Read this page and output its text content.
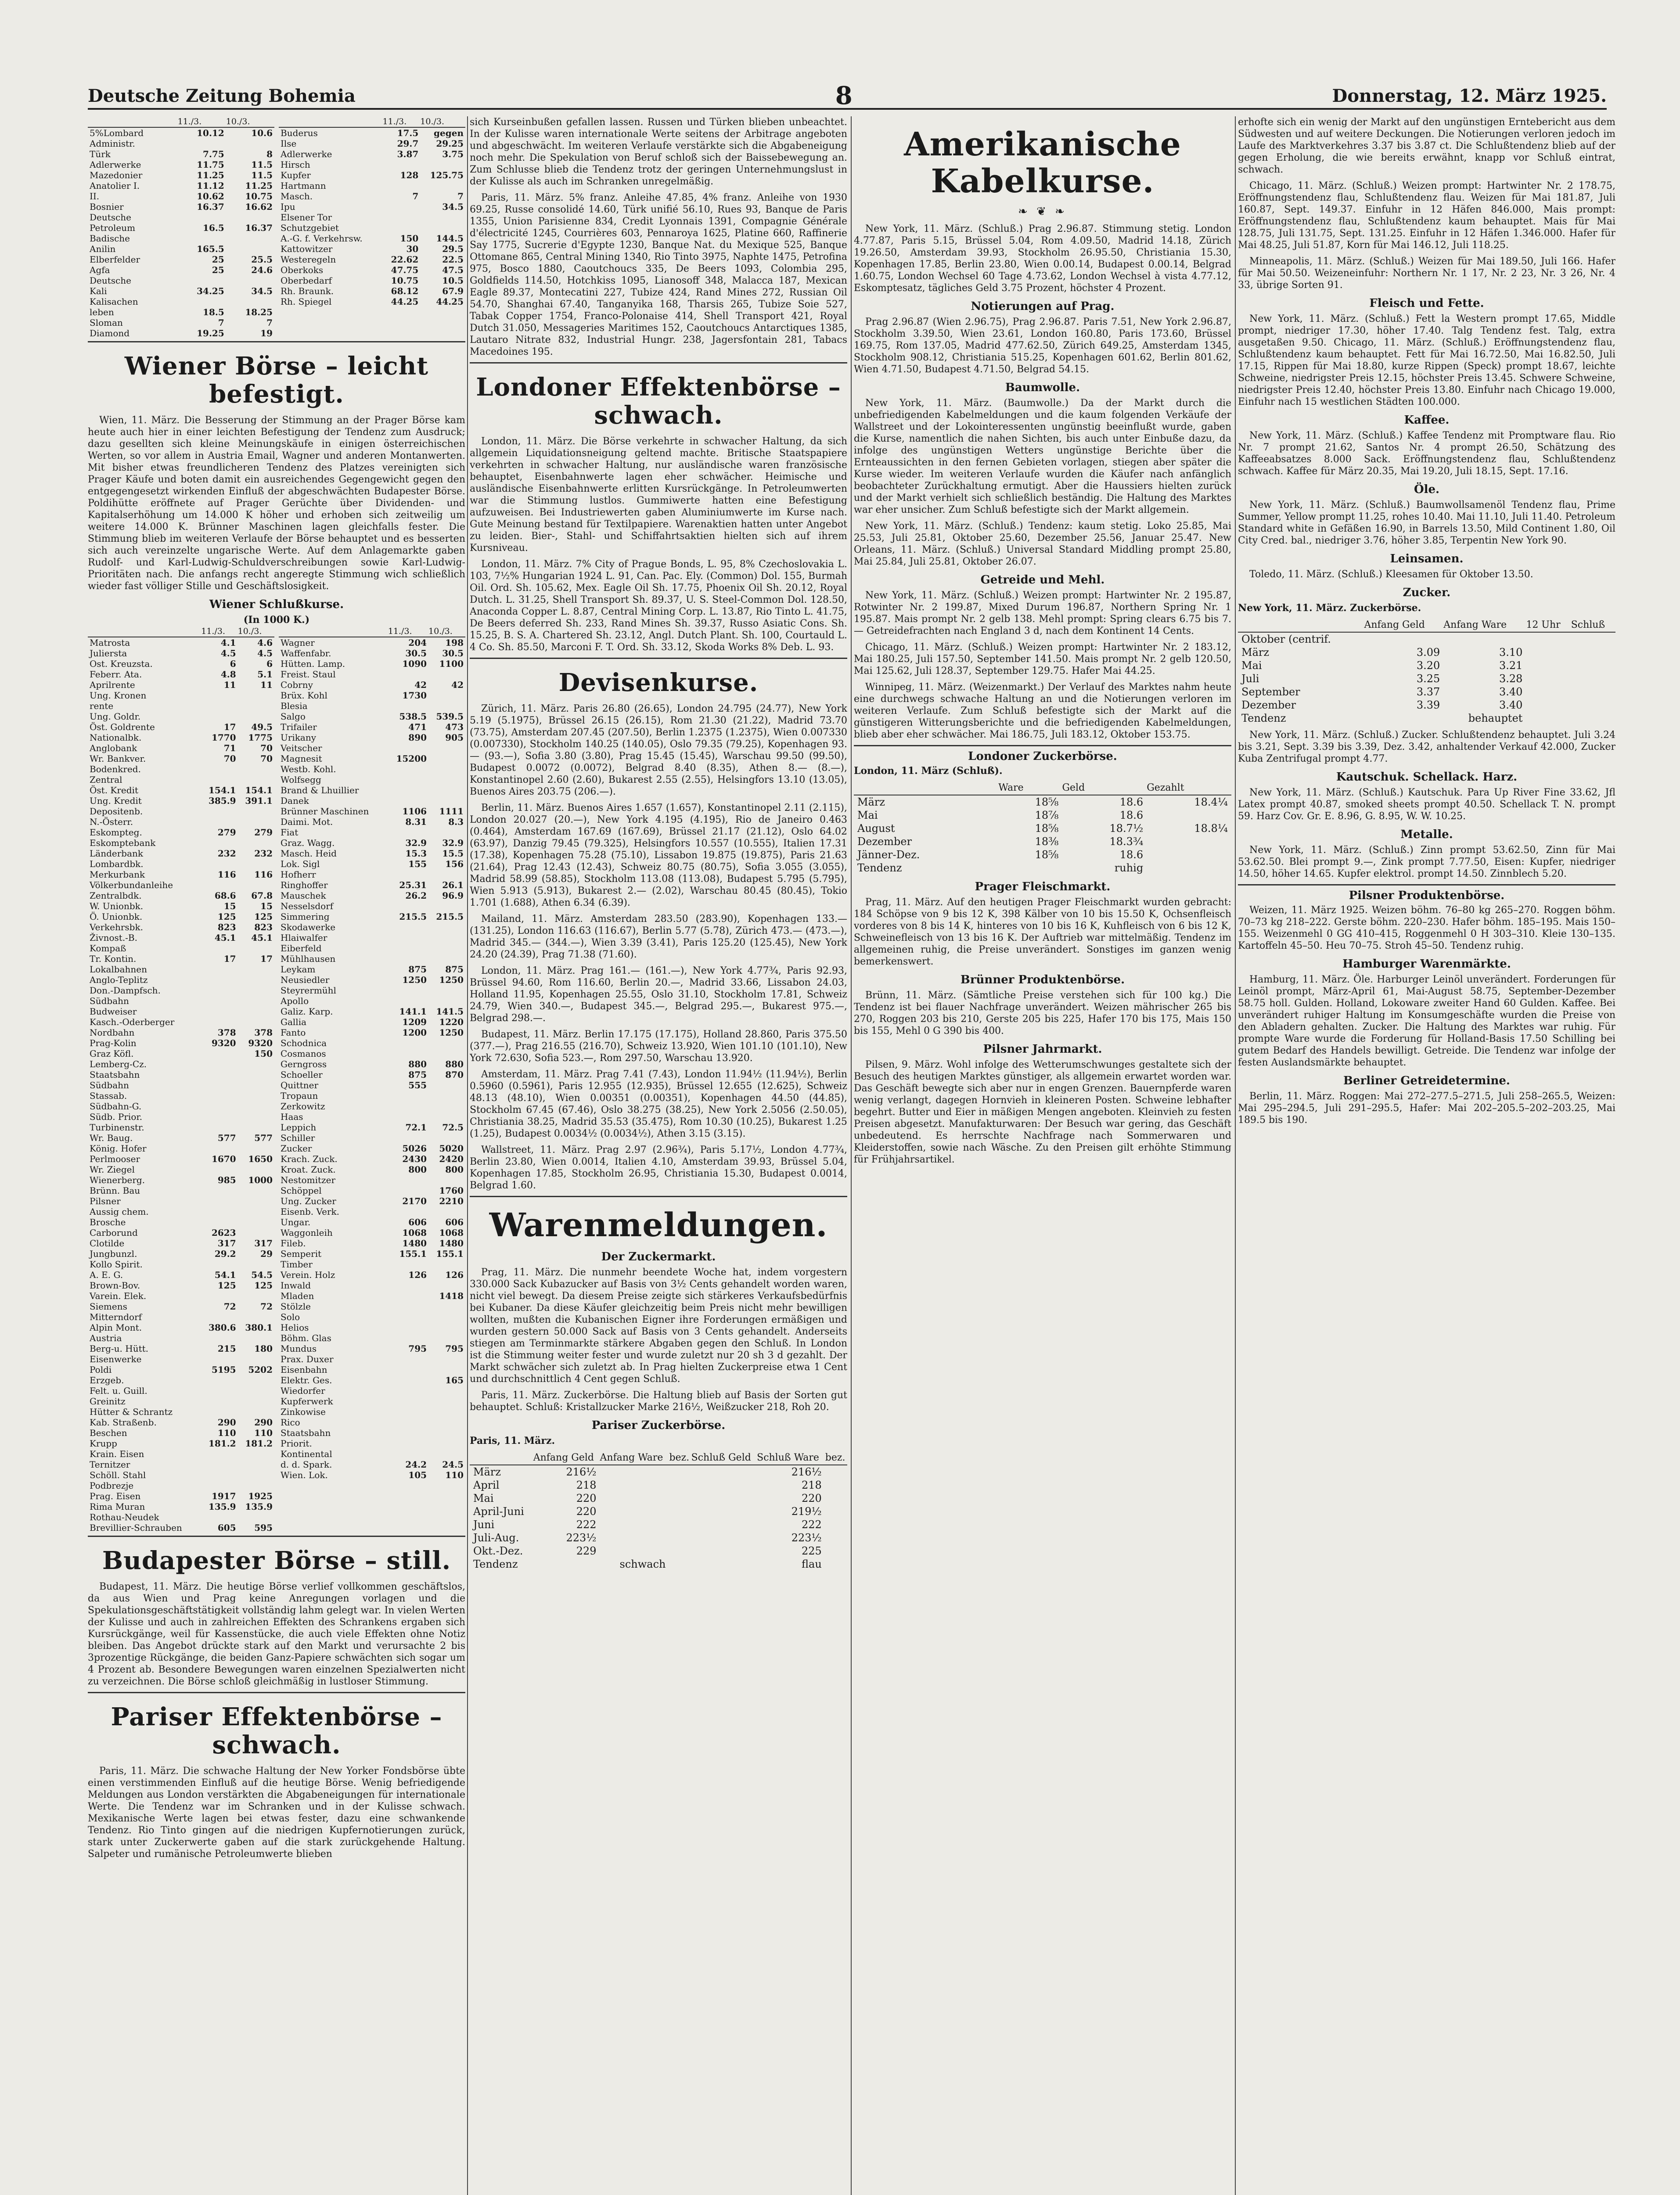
Deutsche Zeitung Bohemia	8	Donnerstag, 12. März 1925.
	11./3.	10./3.
5%Lombard	10.12	10.6
Administr.		
Türk	7.75	8
Adlerwerke	11.75	11.5
Mazedonier	11.25	11.5
Anatolier I.	11.12	11.25
II.	10.62	10.75
Bosnier	16.37	16.62
Deutsche		
Petroleum	16.5	16.37
Badische		
Anilin	165.5	
Elberfelder	25	25.5
Agfa	25	24.6
Deutsche		
Kali	34.25	34.5
Kalisachen		
leben	18.5	18.25
Sloman	7	7
Diamond	19.25	19
	11./3.	10./3.
Buderus	17.5	gegen
Ilse	29.7	29.25
Adlerwerke	3.87	3.75
Hirsch		
Kupfer	128	125.75
Hartmann		
Masch.	7	7
Ipu		34.5
Elsener Tor		
Schutzgebiet		
A.-G. f. Verkehrsw.	150	144.5
Kattowitzer	30	29.5
Westeregeln	22.62	22.5
Oberkoks	47.75	47.5
Oberbedarf	10.75	10.5
Rh. Braunk.	68.12	67.9
Rh. Spiegel	44.25	44.25
Wiener Börse – leicht befestigt.

Wien, 11. März. Die Besserung der Stimmung an der Prager Börse kam heute auch hier in einer leichten Befestigung der Tendenz zum Ausdruck; dazu gesellten sich kleine Meinungskäufe in einigen österreichischen Werten, so vor allem in Austria Email, Wagner und anderen Montanwerten. Mit bisher etwas freundlicheren Tendenz des Platzes vereinigten sich Prager Käufe und boten damit ein ausreichendes Gegengewicht gegen den entgegengesetzt wirkenden Einfluß der abgeschwächten Budapester Börse. Poldihütte eröffnete auf Prager Gerüchte über Dividenden- und Kapitalserhöhung um 14.000 K höher und erhoben sich zeitweilig um weitere 14.000 K. Brünner Maschinen lagen gleichfalls fester. Die Stimmung blieb im weiteren Verlaufe der Börse behauptet und es besserten sich auch vereinzelte ungarische Werte. Auf dem Anlagemarkte gaben Rudolf- und Karl-Ludwig-Schuldverschreibungen sowie Karl-Ludwig-Prioritäten nach. Die anfangs recht angeregte Stimmung wich schließlich wieder fast völliger Stille und Geschäftslosigkeit.

Wiener Schlußkurse.
(In 1000 K.)
	11./3.	10./3.
Matrosta	4.1	4.6
Juliersta	4.5	4.5
Ost. Kreuzsta.	6	6
Feberr. Ata.	4.8	5.1
Aprilrente	11	11
Ung. Kronen		
rente		
Ung. Goldr.		
Öst. Goldrente	17	49.5
Nationalbk.	1770	1775
Anglobank	71	70
Wr. Bankver.	70	70
Bodenkred.		
Zentral		
Öst. Kredit	154.1	154.1
Ung. Kredit	385.9	391.1
Depositenb.		
N.-Österr.		
Eskompteg.	279	279
Eskomptebank		
Länderbank	232	232
Lombardbk.		
Merkurbank	116	116
Völkerbundanleihe		
Zentralbdk.	68.6	67.8
W. Unionbk.	15	15
Ö. Unionbk.	125	125
Verkehrsbk.	823	823
Živnost.-B.	45.1	45.1
Kompaß		
Tr. Kontin.	17	17
Lokalbahnen		
Anglo-Teplitz		
Don.-Dampfsch.		
Südbahn		
Budweiser		
Kasch.-Oderberger		
Nordbahn	378	378
Prag-Kolin	9320	9320
Graz Köfl.		150
Lemberg-Cz.		
Staatsbahn		
Südbahn		
Stassab.		
Südbahn-G.		
Südb. Prior.		
Turbinenstr.		
Wr. Baug.	577	577
König. Hofer		
Perlmooser	1670	1650
Wr. Ziegel		
Wienerberg.	985	1000
Brünn. Bau		
Pilsner		
Aussig chem.		
Brosche		
Carborund	2623	
Clotilde	317	317
Jungbunzl.	29.2	29
Kollo Spirit.		
A. E. G.	54.1	54.5
Brown-Bov.	125	125
Varein. Elek.		
Siemens	72	72
Mitterndorf		
Alpin Mont.	380.6	380.1
Austria		
Berg-u. Hütt.	215	180
Eisenwerke		
Poldi	5195	5202
Erzgeb.		
Felt. u. Guill.		
Greinitz		
Hütter & Schrantz		
Kab. Straßenb.	290	290
Beschen	110	110
Krupp	181.2	181.2
Krain. Eisen		
Ternitzer		
Schöll. Stahl		
Podbrezje		
Prag. Eisen	1917	1925
Rima Muran	135.9	135.9
Rothau-Neudek		
Brevillier-Schrauben	605	595
	11./3.	10./3.
Wagner	204	198
Waffenfabr.	30.5	30.5
Hütten. Lamp.	1090	1100
Freist. Staul		
Cobrny	42	42
Brüx. Kohl	1730	
Blesia		
Salgo	538.5	539.5
Trifailer	471	473
Urikany	890	905
Veitscher		
Magnesit	15200	
Westb. Kohl.		
Wolfsegg		
Brand & Lhuillier		
Danek		
Brünner Maschinen	1106	1111
Daimi. Mot.	8.31	8.3
Fiat		
Graz. Wagg.	32.9	32.9
Masch. Heid	15.3	15.5
Lok. Sigl	155	156
Hofherr		
Ringhoffer	25.31	26.1
Mauschek	26.2	96.9
Nesselsdorf		
Simmering	215.5	215.5
Skodawerke		
Hlaiwalfer		
Eiberfeld		
Mühlhausen		
Leykam	875	875
Neusiedler	1250	1250
Steyrermühl		
Apollo		
Galiz. Karp.	141.1	141.5
Gallia	1209	1220
Fanto	1200	1250
Schodnica		
Cosmanos		
Gerngross	880	880
Schoeller	875	870
Quittner	555	
Tropaun		
Zerkowitz		
Haas		
Leppich	72.1	72.5
Schiller		
Zucker	5026	5020
Krach. Zuck.	2430	2420
Kroat. Zuck.	800	800
Nestomitzer		
Schöppel		1760
Ung. Zucker	2170	2210
Eisenb. Verk.		
Ungar.	606	606
Waggonleih	1068	1068
Fileb.	1480	1480
Semperit	155.1	155.1
Timber		
Verein. Holz	126	126
Inwald		
Mladen		1418
Stölzle		
Solo		
Helios		
Böhm. Glas		
Mundus	795	795
Prax. Duxer		
Eisenbahn		
Elektr. Ges.		165
Wiedorfer		
Kupferwerk		
Zinkowise		
Rico		
Staatsbahn		
Priorit.		
Kontinental		
d. d. Spark.	24.2	24.5
Wien. Lok.	105	110
Budapester Börse – still.

Budapest, 11. März. Die heutige Börse verlief vollkommen geschäftslos, da aus Wien und Prag keine Anregungen vorlagen und die Spekulationsgeschäftstätigkeit vollständig lahm gelegt war. In vielen Werten der Kulisse und auch in zahlreichen Effekten des Schrankens ergaben sich Kursrückgänge, weil für Kassenstücke, die auch viele Effekten ohne Notiz bleiben. Das Angebot drückte stark auf den Markt und verursachte 2 bis 3prozentige Rückgänge, die beiden Ganz-Papiere schwächten sich sogar um 4 Prozent ab. Besondere Bewegungen waren einzelnen Spezialwerten nicht zu verzeichnen. Die Börse schloß gleichmäßig in lustloser Stimmung.

Pariser Effektenbörse – schwach.

Paris, 11. März. Die schwache Haltung der New Yorker Fondsbörse übte einen verstimmenden Einfluß auf die heutige Börse. Wenig befriedigende Meldungen aus London verstärkten die Abgabeneigungen für internationale Werte. Die Tendenz war im Schranken und in der Kulisse schwach. Mexikanische Werte lagen bei etwas fester, dazu eine schwankende Tendenz. Rio Tinto gingen auf die niedrigen Kupfernotierungen zurück, stark unter Zuckerwerte gaben auf die stark zurückgehende Haltung. Salpeter und rumänische Petroleumwerte blieben

sich Kurseinbußen gefallen lassen. Russen und Türken blieben unbeachtet. In der Kulisse waren internationale Werte seitens der Arbitrage angeboten und abgeschwächt. Im weiteren Verlaufe verstärkte sich die Abgabeneigung noch mehr. Die Spekulation von Beruf schloß sich der Baissebewegung an. Zum Schlusse blieb die Tendenz trotz der geringen Unternehmungslust in der Kulisse als auch im Schranken unregelmäßig.

Paris, 11. März. 5% franz. Anleihe 47.85, 4% franz. Anleihe von 1930 69.25, Russe consolidé 14.60, Türk unifié 56.10, Rues 93, Banque de Paris 1355, Union Parisienne 834, Credit Lyonnais 1391, Compagnie Générale d'électricité 1245, Courrières 603, Pennaroya 1625, Platine 660, Raffinerie Say 1775, Sucrerie d'Egypte 1230, Banque Nat. du Mexique 525, Banque Ottomane 865, Central Mining 1340, Rio Tinto 3975, Naphte 1475, Petrofina 975, Bosco 1880, Caoutchoucs 335, De Beers 1093, Colombia 295, Goldfields 114.50, Hotchkiss 1095, Lianosoff 348, Malacca 187, Mexican Eagle 89.37, Montecatini 227, Tubize 424, Rand Mines 272, Russian Oil 54.70, Shanghai 67.40, Tanganyika 168, Tharsis 265, Tubize Soie 527, Tabak Copper 1754, Franco-Polonaise 414, Shell Transport 421, Royal Dutch 31.050, Messageries Maritimes 152, Caoutchoucs Antarctiques 1385, Lautaro Nitrate 832, Industrial Hungr. 238, Jagersfontain 281, Tabacs Macedoines 195.

Londoner Effektenbörse – schwach.

London, 11. März. Die Börse verkehrte in schwacher Haltung, da sich allgemein Liquidationsneigung geltend machte. Britische Staatspapiere verkehrten in schwacher Haltung, nur ausländische waren französische behauptet, Eisenbahnwerte lagen eher schwächer. Heimische und ausländische Eisenbahnwerte erlitten Kursrückgänge. In Petroleumwerten war die Stimmung lustlos. Gummiwerte hatten eine Befestigung aufzuweisen. Bei Industriewerten gaben Aluminiumwerte im Kurse nach. Gute Meinung bestand für Textilpapiere. Warenaktien hatten unter Angebot zu leiden. Bier-, Stahl- und Schiffahrtsaktien hielten sich auf ihrem Kursniveau.

London, 11. März. 7% City of Prague Bonds, L. 95, 8% Czechoslovakia L. 103, 7½% Hungarian 1924 L. 91, Can. Pac. Ely. (Common) Dol. 155, Burmah Oil. Ord. Sh. 105.62, Mex. Eagle Oil Sh. 17.75, Phoenix Oil Sh. 20.12, Royal Dutch. L. 31.25, Shell Transport Sh. 89.37, U. S. Steel-Common Dol. 128.50, Anaconda Copper L. 8.87, Central Mining Corp. L. 13.87, Rio Tinto L. 41.75, De Beers deferred Sh. 233, Rand Mines Sh. 39.37, Russo Asiatic Cons. Sh. 15.25, B. S. A. Chartered Sh. 23.12, Angl. Dutch Plant. Sh. 100, Courtauld L. 4 Co. Sh. 85.50, Marconi F. T. Ord. Sh. 33.12, Skoda Works 8% Deb. L. 93.

Devisenkurse.

Zürich, 11. März. Paris 26.80 (26.65), London 24.795 (24.77), New York 5.19 (5.1975), Brüssel 26.15 (26.15), Rom 21.30 (21.22), Madrid 73.70 (73.75), Amsterdam 207.45 (207.50), Berlin 1.2375 (1.2375), Wien 0.007330 (0.007330), Stockholm 140.25 (140.05), Oslo 79.35 (79.25), Kopenhagen 93.— (93.—), Sofia 3.80 (3.80), Prag 15.45 (15.45), Warschau 99.50 (99.50), Budapest 0.0072 (0.0072), Belgrad 8.40 (8.35), Athen 8.— (8.—), Konstantinopel 2.60 (2.60), Bukarest 2.55 (2.55), Helsingfors 13.10 (13.05), Buenos Aires 203.75 (206.—).

Berlin, 11. März. Buenos Aires 1.657 (1.657), Konstantinopel 2.11 (2.115), London 20.027 (20.—), New York 4.195 (4.195), Rio de Janeiro 0.463 (0.464), Amsterdam 167.69 (167.69), Brüssel 21.17 (21.12), Oslo 64.02 (63.97), Danzig 79.45 (79.325), Helsingfors 10.557 (10.555), Italien 17.31 (17.38), Kopenhagen 75.28 (75.10), Lissabon 19.875 (19.875), Paris 21.63 (21.64), Prag 12.43 (12.43), Schweiz 80.75 (80.75), Sofia 3.055 (3.055), Madrid 58.99 (58.85), Stockholm 113.08 (113.08), Budapest 5.795 (5.795), Wien 5.913 (5.913), Bukarest 2.— (2.02), Warschau 80.45 (80.45), Tokio 1.701 (1.688), Athen 6.34 (6.39).

Mailand, 11. März. Amsterdam 283.50 (283.90), Kopenhagen 133.— (131.25), London 116.63 (116.67), Berlin 5.77 (5.78), Zürich 473.— (473.—), Madrid 345.— (344.—), Wien 3.39 (3.41), Paris 125.20 (125.45), New York 24.20 (24.39), Prag 71.38 (71.60).

London, 11. März. Prag 161.— (161.—), New York 4.77¾, Paris 92.93, Brüssel 94.60, Rom 116.60, Berlin 20.—, Madrid 33.66, Lissabon 24.03, Holland 11.95, Kopenhagen 25.55, Oslo 31.10, Stockholm 17.81, Schweiz 24.79, Wien 340.—, Budapest 345.—, Belgrad 295.—, Bukarest 975.—, Belgrad 298.—.

Budapest, 11. März. Berlin 17.175 (17.175), Holland 28.860, Paris 375.50 (377.—), Prag 216.55 (216.70), Schweiz 13.920, Wien 101.10 (101.10), New York 72.630, Sofia 523.—, Rom 297.50, Warschau 13.920.

Amsterdam, 11. März. Prag 7.41 (7.43), London 11.94½ (11.94½), Berlin 0.5960 (0.5961), Paris 12.955 (12.935), Brüssel 12.655 (12.625), Schweiz 48.13 (48.10), Wien 0.00351 (0.00351), Kopenhagen 44.50 (44.85), Stockholm 67.45 (67.46), Oslo 38.275 (38.25), New York 2.5056 (2.50.05), Christiania 38.25, Madrid 35.53 (35.475), Rom 10.30 (10.25), Bukarest 1.25 (1.25), Budapest 0.0034½ (0.0034½), Athen 3.15 (3.15).

Wallstreet, 11. März. Prag 2.97 (2.96¾), Paris 5.17½, London 4.77¾, Berlin 23.80, Wien 0.0014, Italien 4.10, Amsterdam 39.93, Brüssel 5.04, Kopenhagen 17.85, Stockholm 26.95, Christiania 15.30, Budapest 0.0014, Belgrad 1.60.

Warenmeldungen.
Der Zuckermarkt.

Prag, 11. März. Die nunmehr beendete Woche hat, indem vorgestern 330.000 Sack Kubazucker auf Basis von 3½ Cents gehandelt worden waren, nicht viel bewegt. Da diesem Preise zeigte sich stärkeres Verkaufsbedürfnis bei Kubaner. Da diese Käufer gleichzeitig beim Preis nicht mehr bewilligen wollten, mußten die Kubanischen Eigner ihre Forderungen ermäßigen und wurden gestern 50.000 Sack auf Basis von 3 Cents gehandelt. Anderseits stiegen am Terminmarkte stärkere Abgaben gegen den Schluß. In London ist die Stimmung weiter fester und wurde zuletzt nur 20 sh 3 d gezahlt. Der Markt schwächer sich zuletzt ab. In Prag hielten Zuckerpreise etwa 1 Cent und durchschnittlich 4 Cent gegen Schluß.

Paris, 11. März. Zuckerbörse. Die Haltung blieb auf Basis der Sorten gut behauptet. Schluß: Kristallzucker Marke 216½, Weißzucker 218, Roh 20.

Pariser Zuckerbörse.
Paris, 11. März.
	Anfang Geld	Anfang Ware	bez.	Schluß Geld	Schluß Ware	bez.
März	216½				216½	
April	218				218	
Mai	220				220	
April-Juni	220				219½	
Juni	222				222	
Juli-Aug.	223½				223½	
Okt.-Dez.	229				225	
Tendenz		schwach			flau	
Amerikanische Kabelkurse.
❧ ❦ ❧

New York, 11. März. (Schluß.) Prag 2.96.87. Stimmung stetig. London 4.77.87, Paris 5.15, Brüssel 5.04, Rom 4.09.50, Madrid 14.18, Zürich 19.26.50, Amsterdam 39.93, Stockholm 26.95.50, Christiania 15.30, Kopenhagen 17.85, Berlin 23.80, Wien 0.00.14, Budapest 0.00.14, Belgrad 1.60.75, London Wechsel 60 Tage 4.73.62, London Wechsel à vista 4.77.12, Eskomptesatz, tägliches Geld 3.75 Prozent, höchster 4 Prozent.

Notierungen auf Prag.

Prag 2.96.87 (Wien 2.96.75), Prag 2.96.87. Paris 7.51, New York 2.96.87, Stockholm 3.39.50, Wien 23.61, London 160.80, Paris 173.60, Brüssel 169.75, Rom 137.05, Madrid 477.62.50, Zürich 649.25, Amsterdam 1345, Stockholm 908.12, Christiania 515.25, Kopenhagen 601.62, Berlin 801.62, Wien 4.71.50, Budapest 4.71.50, Belgrad 54.15.

Baumwolle.

New York, 11. März. (Baumwolle.) Da der Markt durch die unbefriedigenden Kabelmeldungen und die kaum folgenden Verkäufe der Wallstreet und der Lokointeressenten ungünstig beeinflußt wurde, gaben die Kurse, namentlich die nahen Sichten, bis auch unter Einbuße dazu, da infolge des ungünstigen Wetters ungünstige Berichte über die Ernteaussichten in den fernen Gebieten vorlagen, stiegen aber später die Kurse wieder. Im weiteren Verlaufe wurden die Käufer nach anfänglich beobachteter Zurückhaltung ermutigt. Aber die Haussiers hielten zurück und der Markt verhielt sich schließlich beständig. Die Haltung des Marktes war eher unsicher. Zum Schluß befestigte sich der Markt allgemein.

New York, 11. März. (Schluß.) Tendenz: kaum stetig. Loko 25.85, Mai 25.53, Juli 25.81, Oktober 25.60, Dezember 25.56, Januar 25.47. New Orleans, 11. März. (Schluß.) Universal Standard Middling prompt 25.80, Mai 25.84, Juli 25.81, Oktober 26.07.

Getreide und Mehl.

New York, 11. März. (Schluß.) Weizen prompt: Hartwinter Nr. 2 195.87, Rotwinter Nr. 2 199.87, Mixed Durum 196.87, Northern Spring Nr. 1 195.87. Mais prompt Nr. 2 gelb 138. Mehl prompt: Spring clears 6.75 bis 7.— Getreidefrachten nach England 3 d, nach dem Kontinent 14 Cents.

Chicago, 11. März. (Schluß.) Weizen prompt: Hartwinter Nr. 2 183.12, Mai 180.25, Juli 157.50, September 141.50. Mais prompt Nr. 2 gelb 120.50, Mai 125.62, Juli 128.37, September 129.75. Hafer Mai 44.25.

Winnipeg, 11. März. (Weizenmarkt.) Der Verlauf des Marktes nahm heute eine durchwegs schwache Haltung an und die Notierungen verloren im weiteren Verlaufe. Zum Schluß befestigte sich der Markt auf die günstigeren Witterungsberichte und die befriedigenden Kabelmeldungen, blieb aber eher schwächer. Mai 186.75, Juli 183.12, Oktober 153.75.

Londoner Zuckerbörse.
London, 11. März (Schluß).
	Ware	Geld	Gezahlt
März	18⅝	18.6	18.4¼
Mai	18⅞	18.6	
August	18⅝	18.7½	18.8¼
Dezember	18⅜	18.3¾	
Jänner-Dez.	18⅝	18.6	
Tendenz		ruhig	
Prager Fleischmarkt.

Prag, 11. März. Auf den heutigen Prager Fleischmarkt wurden gebracht: 184 Schöpse von 9 bis 12 K, 398 Kälber von 10 bis 15.50 K, Ochsenfleisch vorderes von 8 bis 14 K, hinteres von 10 bis 16 K, Kuhfleisch von 6 bis 12 K, Schweinefleisch von 13 bis 16 K. Der Auftrieb war mittelmäßig. Tendenz im allgemeinen ruhig, die Preise unverändert. Sonstiges im ganzen wenig bemerkenswert.

Brünner Produktenbörse.

Brünn, 11. März. (Sämtliche Preise verstehen sich für 100 kg.) Die Tendenz ist bei flauer Nachfrage unverändert. Weizen mährischer 265 bis 270, Roggen 203 bis 210, Gerste 205 bis 225, Hafer 170 bis 175, Mais 150 bis 155, Mehl 0 G 390 bis 400.

Pilsner Jahrmarkt.

Pilsen, 9. März. Wohl infolge des Wetterumschwunges gestaltete sich der Besuch des heutigen Marktes günstiger, als allgemein erwartet worden war. Das Geschäft bewegte sich aber nur in engen Grenzen. Bauernpferde waren wenig verlangt, dagegen Hornvieh in kleineren Posten. Schweine lebhafter begehrt. Butter und Eier in mäßigen Mengen angeboten. Kleinvieh zu festen Preisen abgesetzt. Manufakturwaren: Der Besuch war gering, das Geschäft unbedeutend. Es herrschte Nachfrage nach Sommerwaren und Kleiderstoffen, sowie nach Wäsche. Zu den Preisen gilt erhöhte Stimmung für Frühjahrsartikel.

erhofte sich ein wenig der Markt auf den ungünstigen Erntebericht aus dem Südwesten und auf weitere Deckungen. Die Notierungen verloren jedoch im Laufe des Marktverkehres 3.37 bis 3.87 ct. Die Schlußtendenz blieb auf der gegen Erholung, die wie bereits erwähnt, knapp vor Schluß eintrat, schwach.

Chicago, 11. März. (Schluß.) Weizen prompt: Hartwinter Nr. 2 178.75, Eröffnungstendenz flau, Schlußtendenz flau. Weizen für Mai 181.87, Juli 160.87, Sept. 149.37. Einfuhr in 12 Häfen 846.000, Mais prompt: Eröffnungstendenz flau, Schlußtendenz kaum behauptet. Mais für Mai 128.75, Juli 131.75, Sept. 131.25. Einfuhr in 12 Häfen 1.346.000. Hafer für Mai 48.25, Juli 51.87, Korn für Mai 146.12, Juli 118.25.

Minneapolis, 11. März. (Schluß.) Weizen für Mai 189.50, Juli 166. Hafer für Mai 50.50. Weizeneinfuhr: Northern Nr. 1 17, Nr. 2 23, Nr. 3 26, Nr. 4 33, übrige Sorten 91.

Fleisch und Fette.

New York, 11. März. (Schluß.) Fett la Western prompt 17.65, Middle prompt, niedriger 17.30, höher 17.40. Talg Tendenz fest. Talg, extra ausgetaßen 9.50. Chicago, 11. März. (Schluß.) Eröffnungstendenz flau, Schlußtendenz kaum behauptet. Fett für Mai 16.72.50, Mai 16.82.50, Juli 17.15, Rippen für Mai 18.80, kurze Rippen (Speck) prompt 18.67, leichte Schweine, niedrigster Preis 12.15, höchster Preis 13.45. Schwere Schweine, niedrigster Preis 12.40, höchster Preis 13.80. Einfuhr nach Chicago 19.000, Einfuhr nach 15 westlichen Städten 100.000.

Kaffee.

New York, 11. März. (Schluß.) Kaffee Tendenz mit Promptware flau. Rio Nr. 7 prompt 21.62, Santos Nr. 4 prompt 26.50, Schätzung des Kaffeeabsatzes 8.000 Sack. Eröffnungstendenz flau, Schlußtendenz schwach. Kaffee für März 20.35, Mai 19.20, Juli 18.15, Sept. 17.16.

Öle.

New York, 11. März. (Schluß.) Baumwollsamenöl Tendenz flau, Prime Summer, Yellow prompt 11.25, rohes 10.40. Mai 11.10, Juli 11.40. Petroleum Standard white in Gefäßen 16.90, in Barrels 13.50, Mild Continent 1.80, Oil City Cred. bal., niedriger 3.76, höher 3.85, Terpentin New York 90.

Leinsamen.

Toledo, 11. März. (Schluß.) Kleesamen für Oktober 13.50.

Zucker.
New York, 11. März. Zuckerbörse.
	Anfang Geld	Anfang Ware	12 Uhr	Schluß
Oktober (centrif.				
März	3.09	3.10		
Mai	3.20	3.21		
Juli	3.25	3.28		
September	3.37	3.40		
Dezember	3.39	3.40		
Tendenz		behauptet		

New York, 11. März. (Schluß.) Zucker. Schlußtendenz behauptet. Juli 3.24 bis 3.21, Sept. 3.39 bis 3.39, Dez. 3.42, anhaltender Verkauf 42.000, Zucker Kuba Zentrifugal prompt 4.77.

Kautschuk. Schellack. Harz.

New York, 11. März. (Schluß.) Kautschuk. Para Up River Fine 33.62, Jfl Latex prompt 40.87, smoked sheets prompt 40.50. Schellack T. N. prompt 59. Harz Cov. Gr. E. 8.96, G. 8.95, W. W. 10.25.

Metalle.

New York, 11. März. (Schluß.) Zinn prompt 53.62.50, Zinn für Mai 53.62.50. Blei prompt 9.—, Zink prompt 7.77.50, Eisen: Kupfer, niedriger 14.50, höher 14.65. Kupfer elektrol. prompt 14.50. Zinnblech 5.20.

Pilsner Produktenbörse.

Weizen, 11. März 1925. Weizen böhm. 76–80 kg 265–270. Roggen böhm. 70–73 kg 218–222. Gerste böhm. 220–230. Hafer böhm. 185–195. Mais 150–155. Weizenmehl 0 GG 410–415, Roggenmehl 0 H 303–310. Kleie 130–135. Kartoffeln 45–50. Heu 70–75. Stroh 45–50. Tendenz ruhig.

Hamburger Warenmärkte.

Hamburg, 11. März. Öle. Harburger Leinöl unverändert. Forderungen für Leinöl prompt, März-April 61, Mai-August 58.75, September-Dezember 58.75 holl. Gulden. Holland, Lokoware zweiter Hand 60 Gulden. Kaffee. Bei unverändert ruhiger Haltung im Konsumgeschäfte wurden die Preise von den Abladern gehalten. Zucker. Die Haltung des Marktes war ruhig. Für prompte Ware wurde die Forderung für Holland-Basis 17.50 Schilling bei gutem Bedarf des Handels bewilligt. Getreide. Die Tendenz war infolge der festen Auslandsmärkte behauptet.

Berliner Getreidetermine.

Berlin, 11. März. Roggen: Mai 272–277.5–271.5, Juli 258–265.5, Weizen: Mai 295–294.5, Juli 291–295.5, Hafer: Mai 202–205.5–202–203.25, Mai 189.5 bis 190.
